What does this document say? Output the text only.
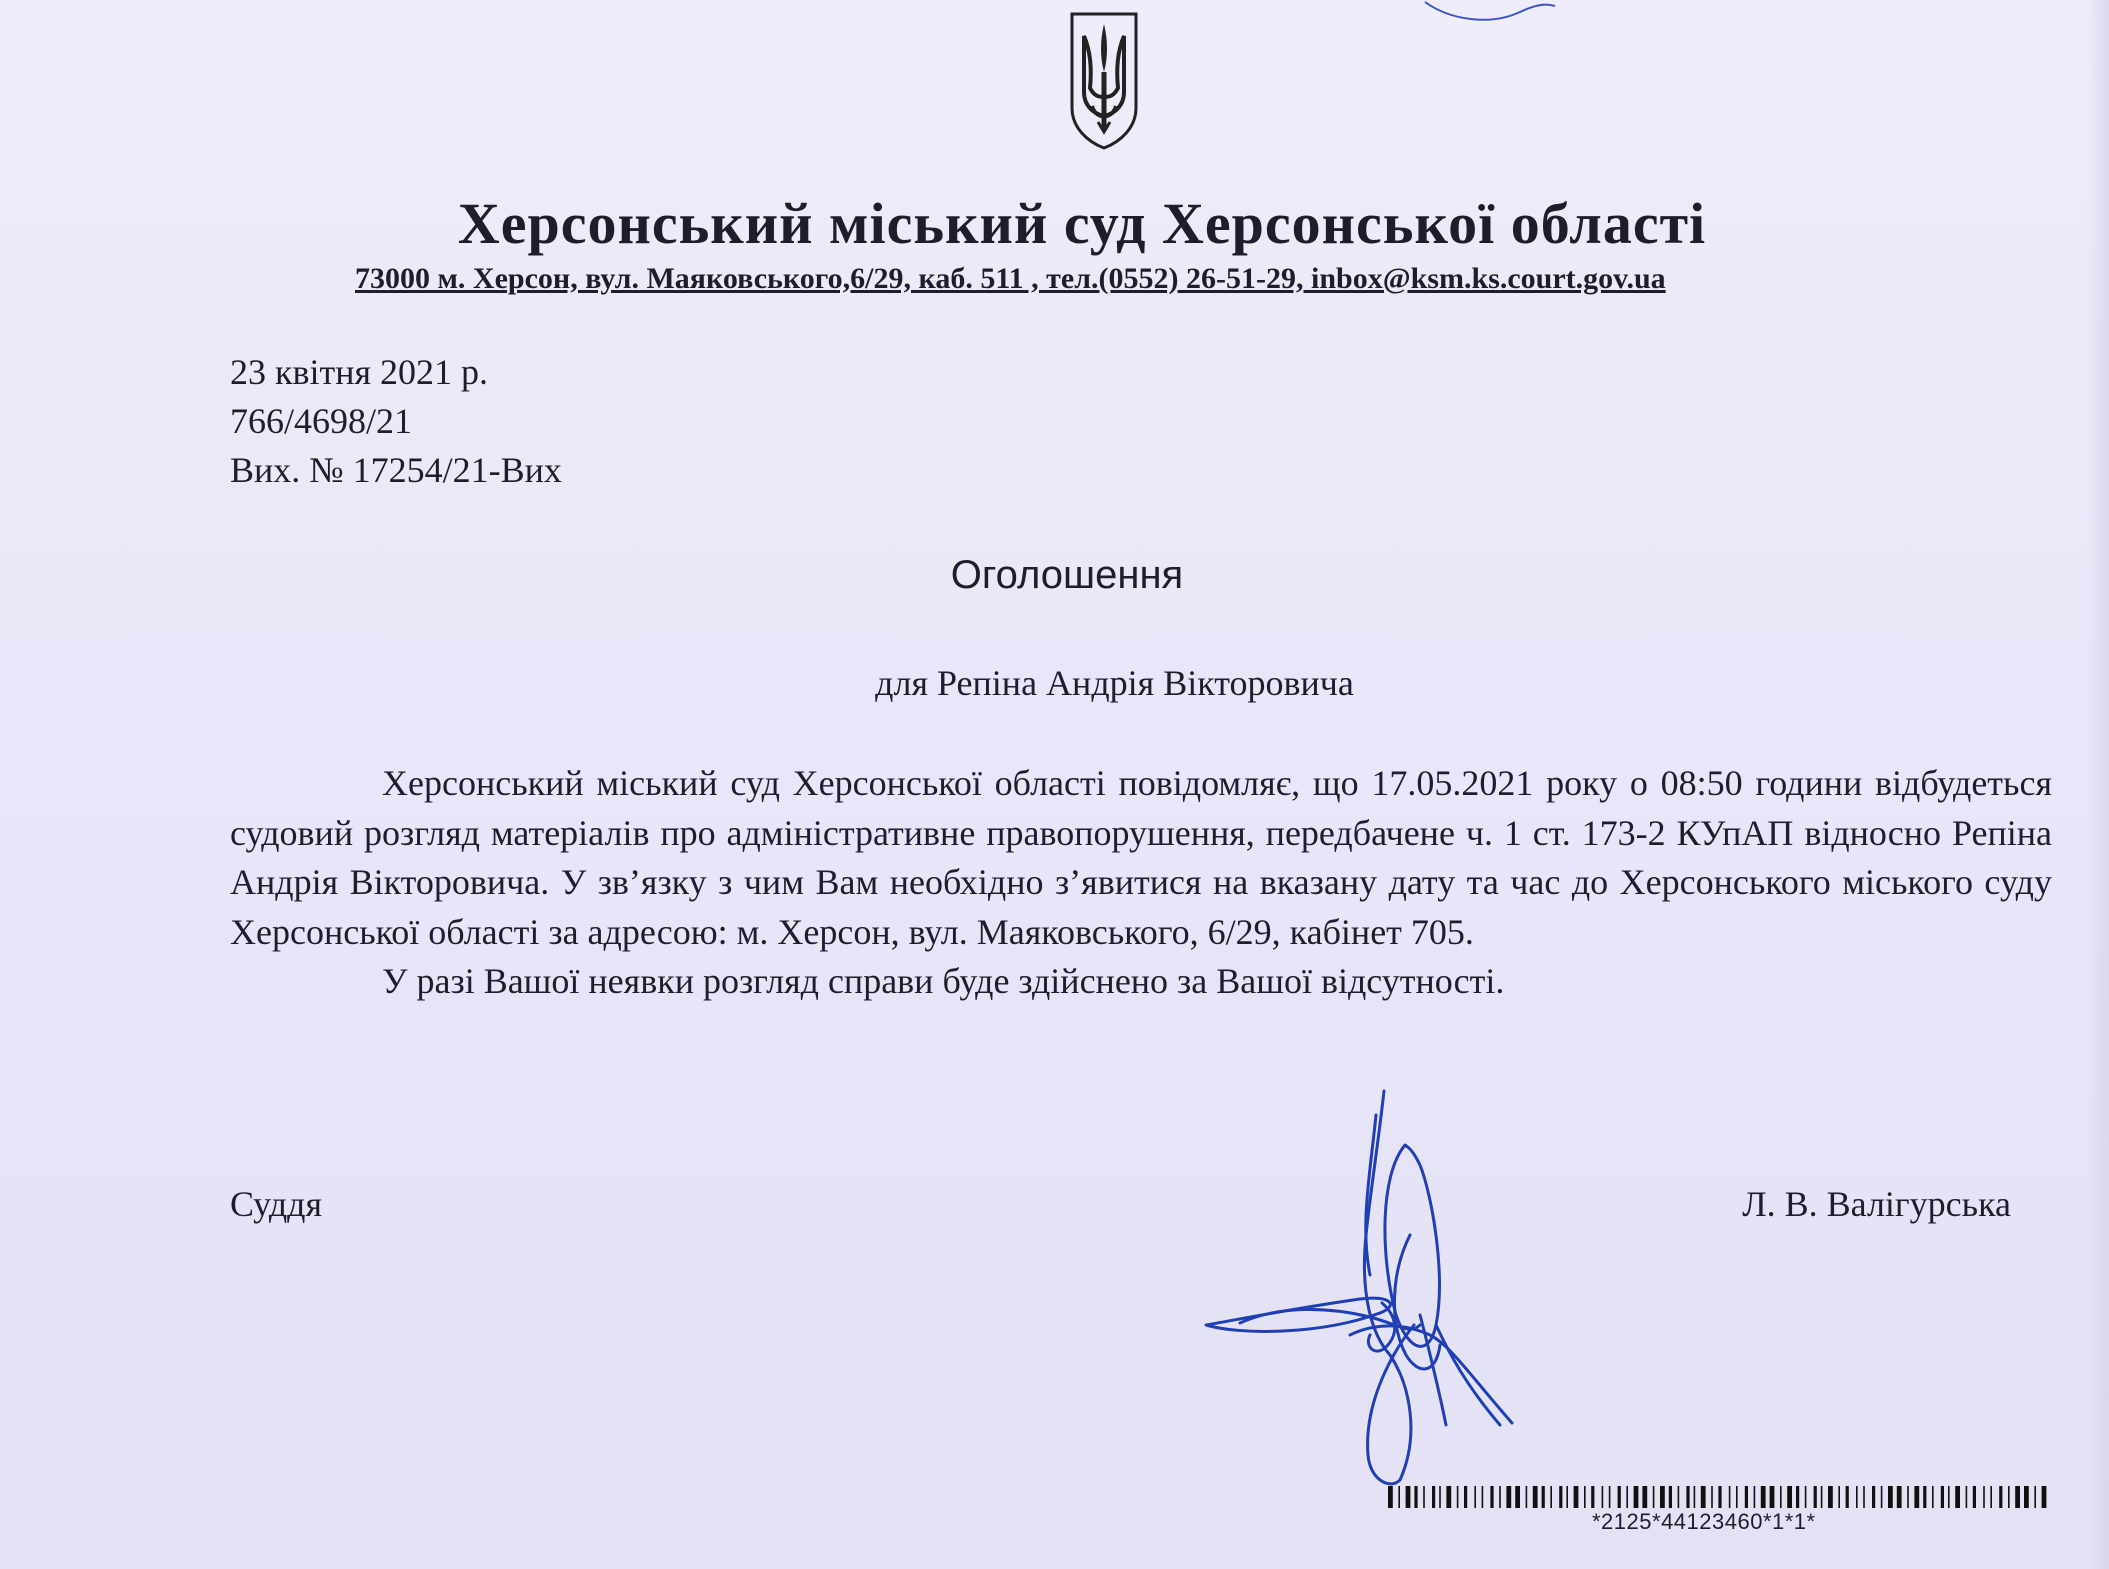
Херсонський міський суд Херсонської області
73000 м. Херсон, вул. Маяковського,6/29, каб. 511 , тел.(0552) 26-51-29, inbox@ksm.ks.court.gov.ua
23 квітня 2021 р.
766/4698/21
Вих. № 17254/21-Вих
Оголошення
для Репіна Андрія Вікторовича

Херсонський міський суд Херсонської області повідомляє, що 17.05.2021 року о 08:50 години відбудеться судовий розгляд матеріалів про адміністративне правопорушення, передбачене ч. 1 ст. 173-2 КУпАП відносно Репіна Андрія Вікторовича. У зв’язку з чим Вам необхідно з’явитися на вказану дату та час до Херсонського міського суду Херсонської області за адресою: м. Херсон, вул. Маяковського, 6/29, кабінет 705.

У разі Вашої неявки розгляд справи буде здійснено за Вашої відсутності.

Суддя	Л. В. Валігурська
*2125*44123460*1*1*
